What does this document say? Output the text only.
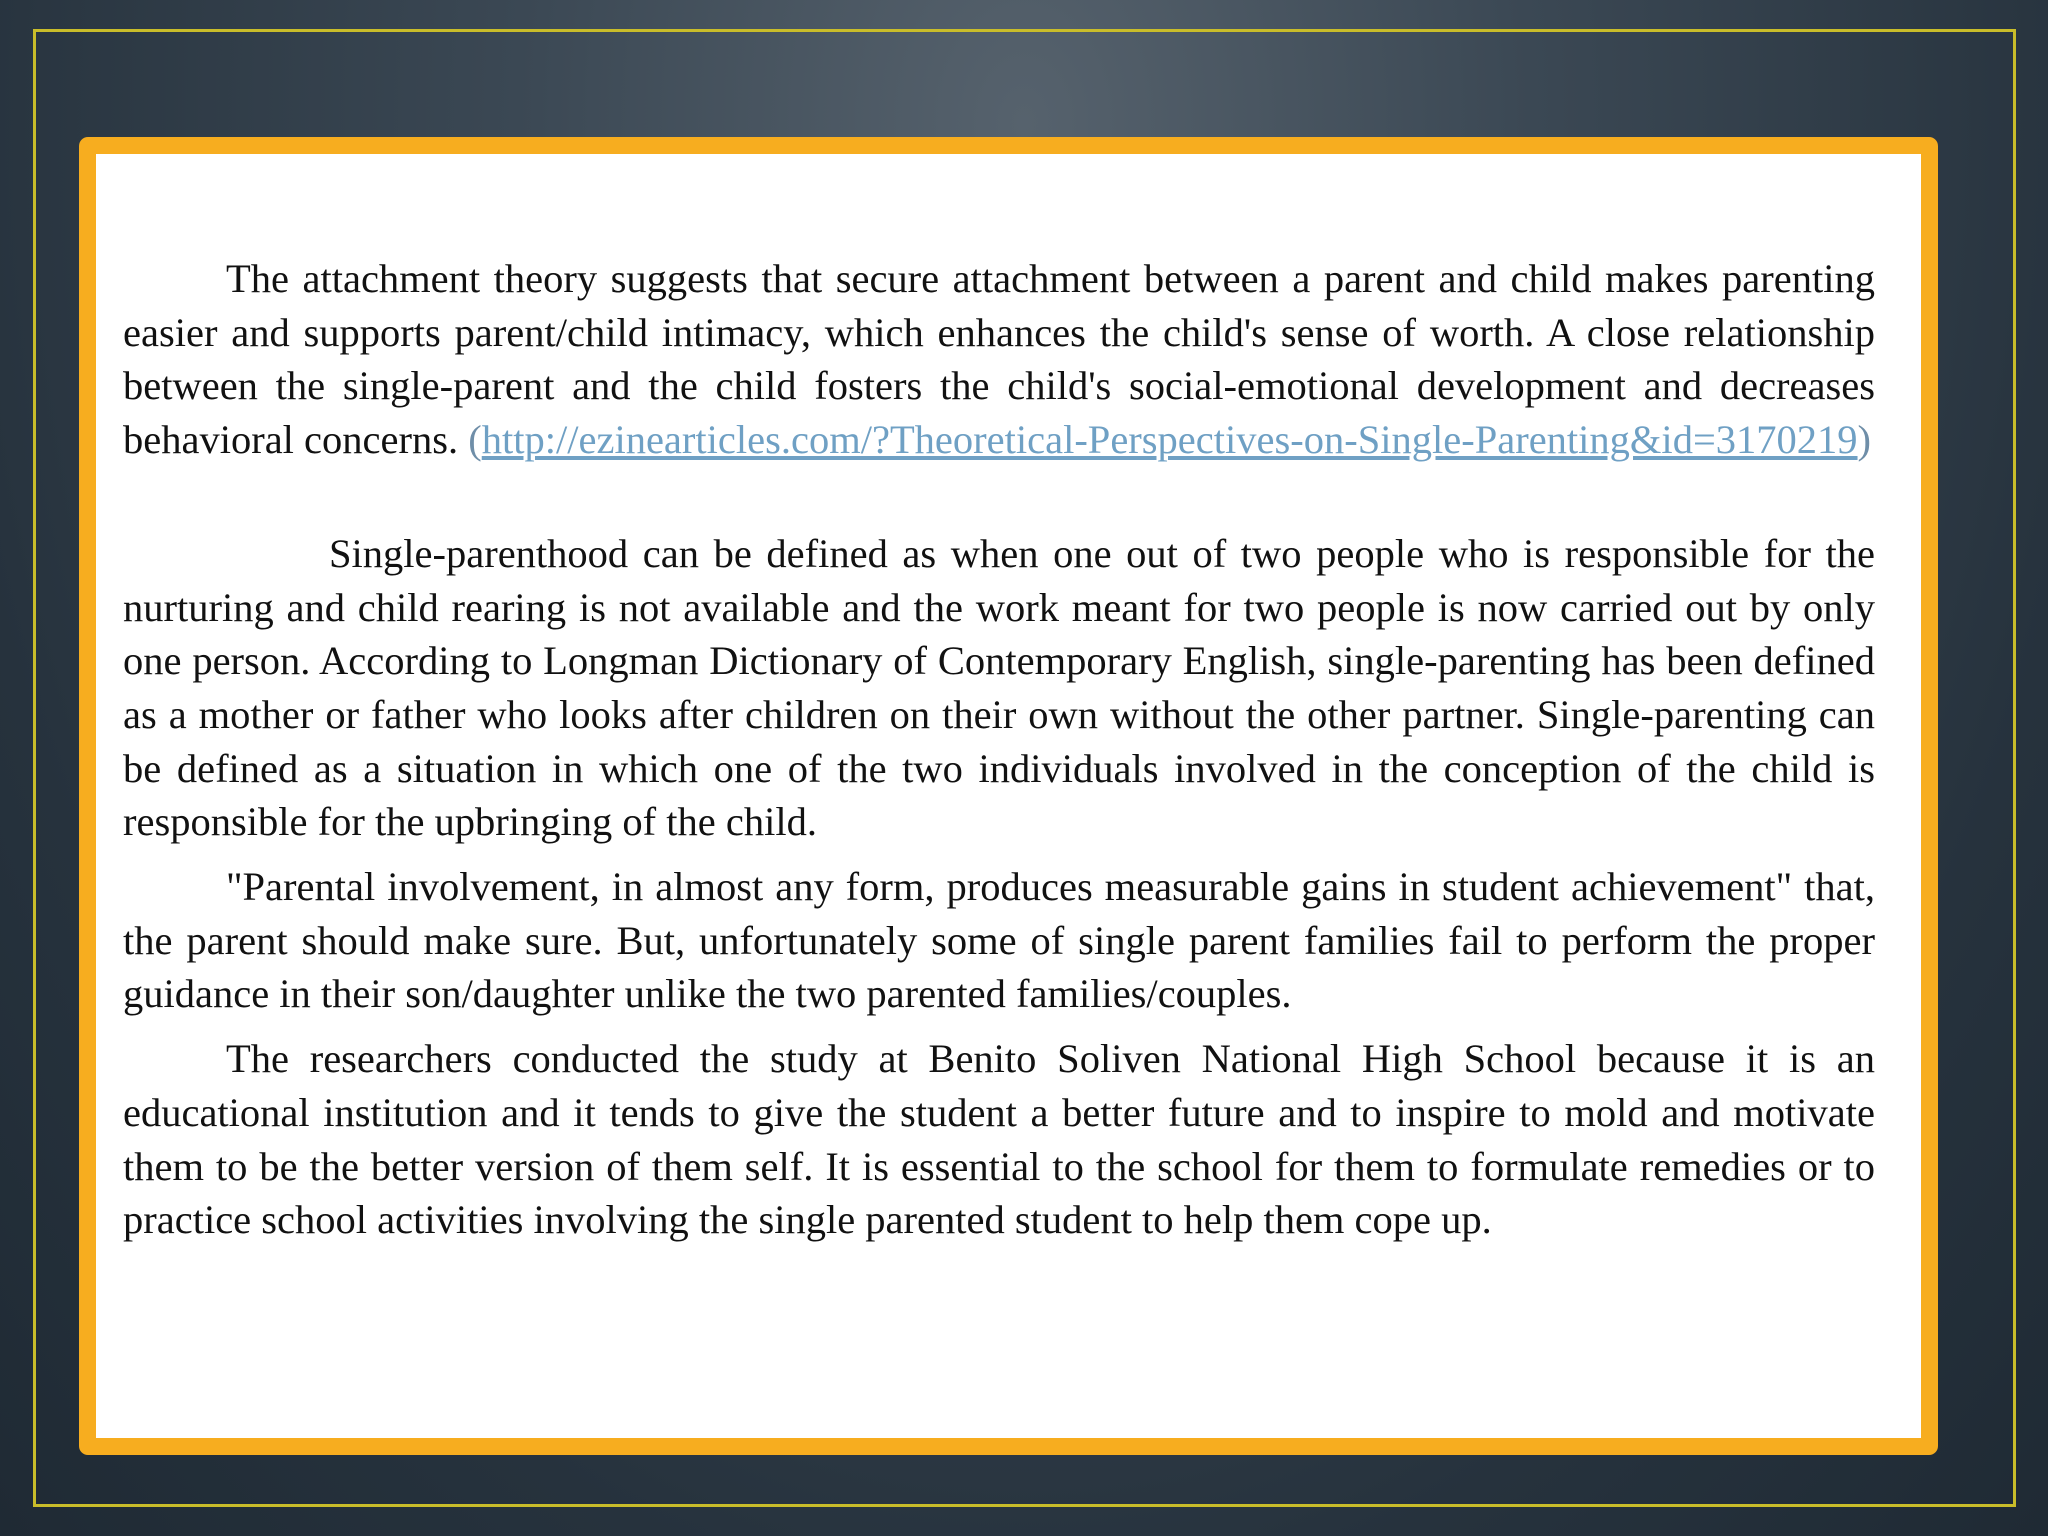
The attachment theory suggests that secure attachment between a parent and child makes parenting easier and supports parent/child intimacy, which enhances the child's sense of worth. A close relationship between the single-parent and the child fosters the child's social-emotional development and decreases behavioral concerns. (http://ezinearticles.com/?Theoretical-Perspectives-on-Single-Parenting&id=3170219)

Single-parenthood can be defined as when one out of two people who is responsible for the nurturing and child rearing is not available and the work meant for two people is now carried out by only one person. According to Longman Dictionary of Contemporary English, single-parenting has been defined as a mother or father who looks after children on their own without the other partner. Single-parenting can be defined as a situation in which one of the two individuals involved in the conception of the child is responsible for the upbringing of the child.

"Parental involvement, in almost any form, produces measurable gains in student achievement" that, the parent should make sure. But, unfortunately some of single parent families fail to perform the proper guidance in their son/daughter unlike the two parented families/couples.

The researchers conducted the study at Benito Soliven National High School because it is an educational institution and it tends to give the student a better future and to inspire to mold and motivate them to be the better version of them self. It is essential to the school for them to formulate remedies or to practice school activities involving the single parented student to help them cope up.
